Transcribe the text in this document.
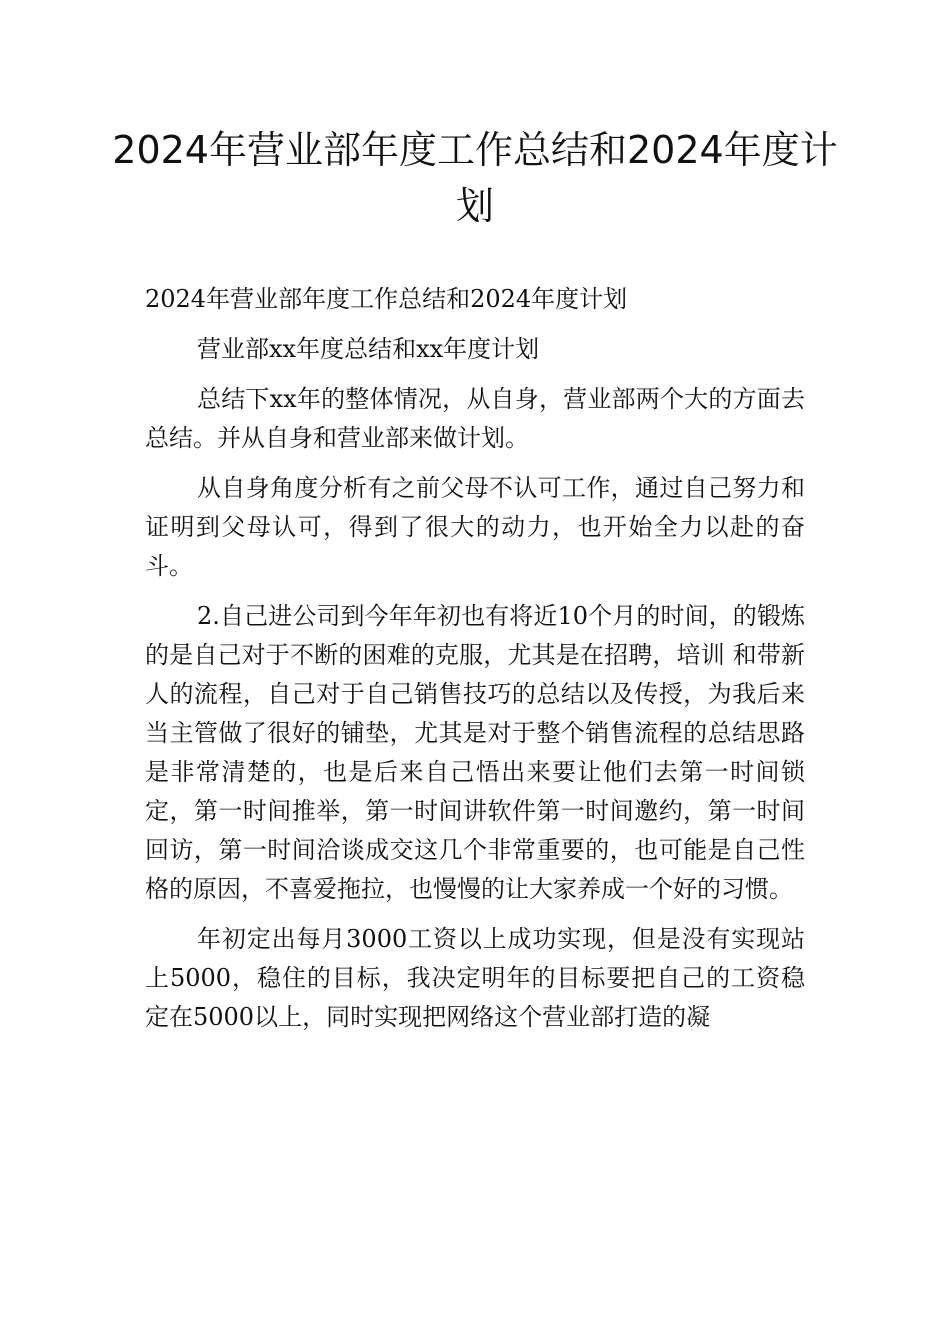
2024年营业部年度工作总结和2024年度计划

2024年营业部年度工作总结和2024年度计划

营业部xx年度总结和xx年度计划

总结下xx年的整体情况，从自身，营业部两个大的方面去总结。并从自身和营业部来做计划。

从自身角度分析有之前父母不认可工作，通过自己努力和证明到父母认可，得到了很大的动力，也开始全力以赴的奋斗。

2.自己进公司到今年年初也有将近10个月的时间，的锻炼的是自己对于不断的困难的克服，尤其是在招聘，培训 和带新人的流程，自己对于自己销售技巧的总结以及传授，为我后来当主管做了很好的铺垫，尤其是对于整个销售流程的总结思路是非常清楚的，也是后来自己悟出来要让他们去第一时间锁定，第一时间推举，第一时间讲软件第一时间邀约，第一时间回访，第一时间洽谈成交这几个非常重要的，也可能是自己性格的原因，不喜爱拖拉，也慢慢的让大家养成一个好的习惯。

年初定出每月3000工资以上成功实现，但是没有实现站上5000，稳住的目标，我决定明年的目标要把自己的工资稳定在5000以上，同时实现把网络这个营业部打造的凝
